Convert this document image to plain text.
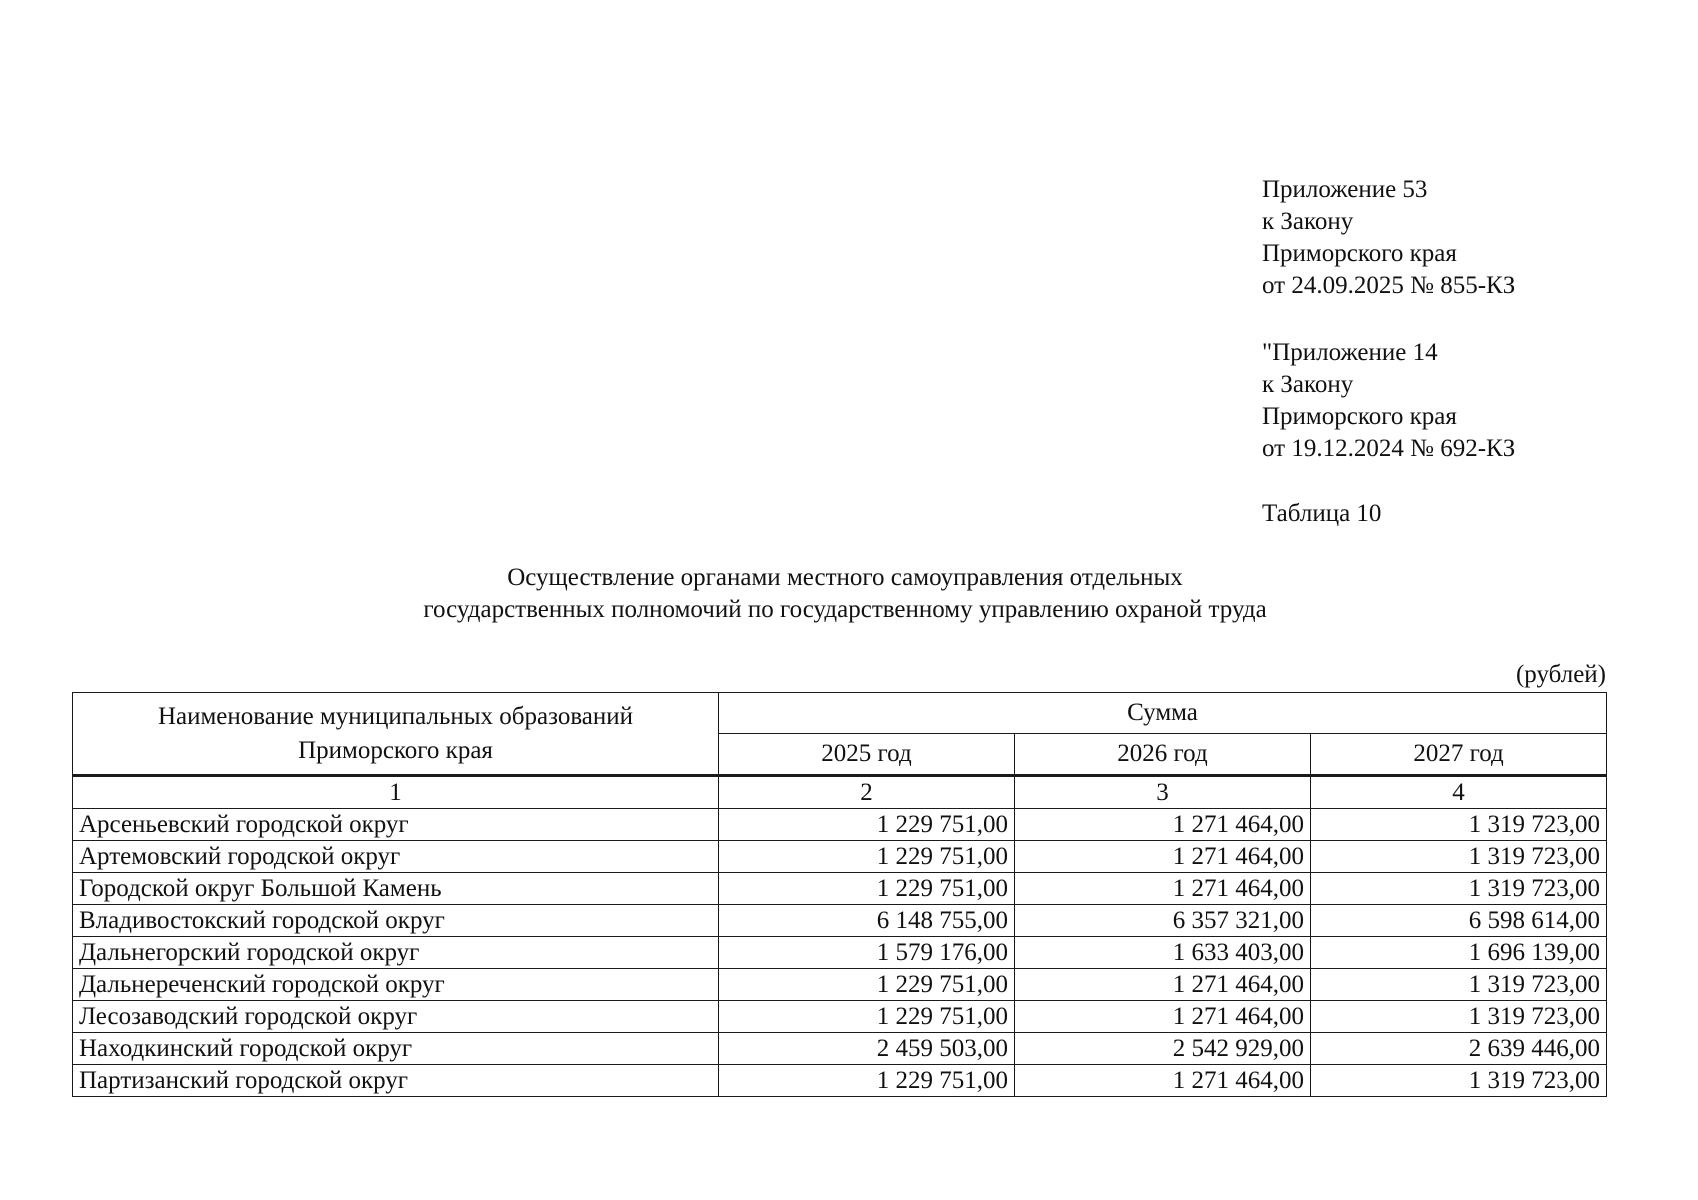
Приложение 53
к Закону
Приморского края
от 24.09.2025 № 855-КЗ
"Приложение 14
к Закону
Приморского края
от 19.12.2024 № 692-КЗ
Таблица 10
Осуществление органами местного самоуправления отдельных
государственных полномочий по государственному управлению охраной труда
(рублей)
Наименование муниципальных образований
Приморского края	Сумма		
	2025 год	2026 год	2027 год
1	2	3	4
Арсеньевский городской округ	1 229 751,00	1 271 464,00	1 319 723,00
Артемовский городской округ	1 229 751,00	1 271 464,00	1 319 723,00
Городской округ Большой Камень	1 229 751,00	1 271 464,00	1 319 723,00
Владивостокский городской округ	6 148 755,00	6 357 321,00	6 598 614,00
Дальнегорский городской округ	1 579 176,00	1 633 403,00	1 696 139,00
Дальнереченский городской округ	1 229 751,00	1 271 464,00	1 319 723,00
Лесозаводский городской округ	1 229 751,00	1 271 464,00	1 319 723,00
Находкинский городской округ	2 459 503,00	2 542 929,00	2 639 446,00
Партизанский городской округ	1 229 751,00	1 271 464,00	1 319 723,00
